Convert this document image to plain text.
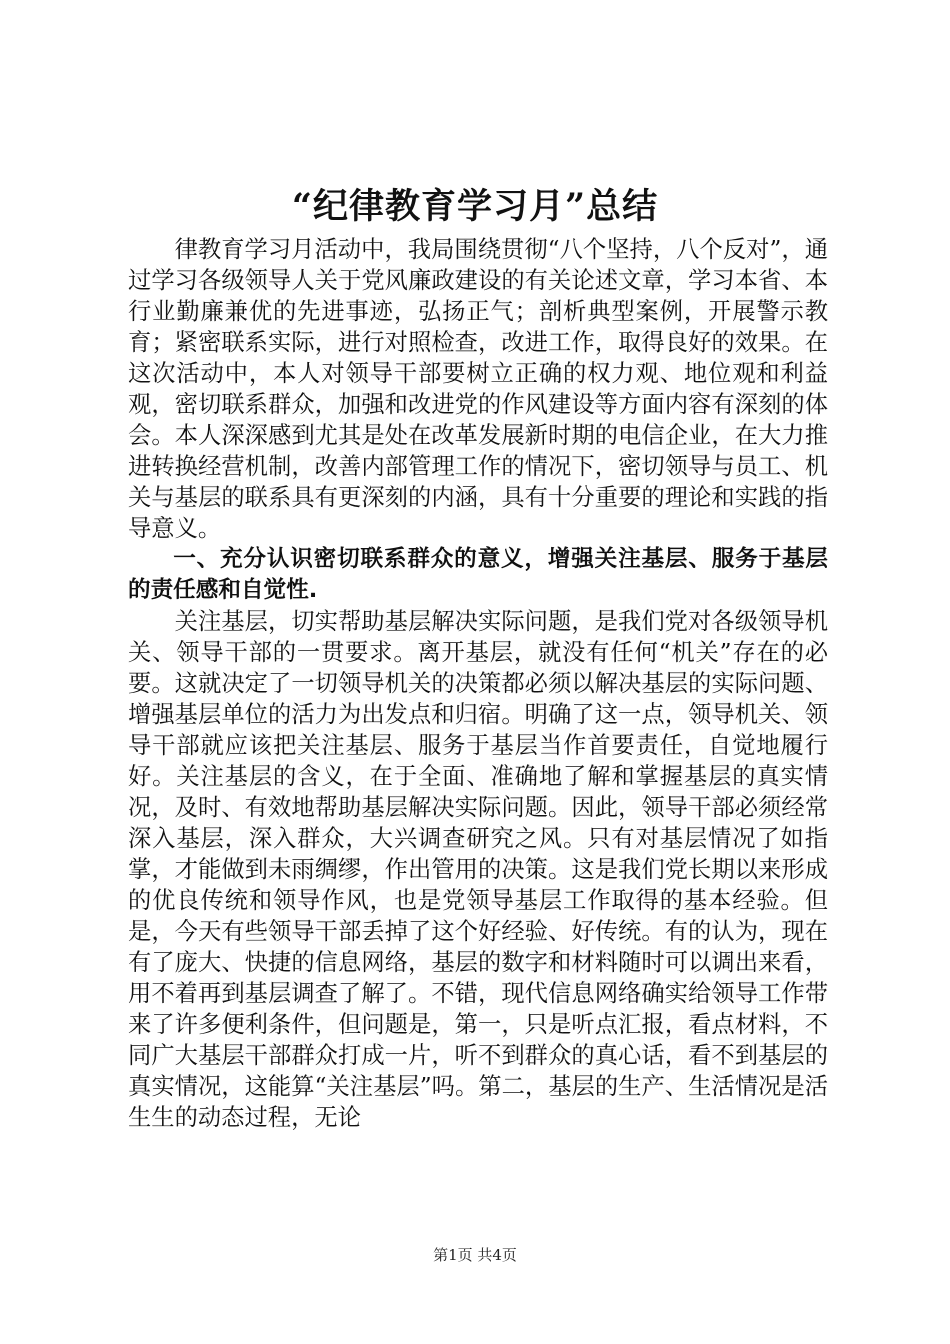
“纪律教育学习月”总结

律教育学习月活动中，我局围绕贯彻“八个坚持，八个反对”，通过学习各级领导人关于党风廉政建设的有关论述文章，学习本省、本行业勤廉兼优的先进事迹，弘扬正气；剖析典型案例，开展警示教育；紧密联系实际，进行对照检查，改进工作，取得良好的效果。在这次活动中，本人对领导干部要树立正确的权力观、地位观和利益观，密切联系群众，加强和改进党的作风建设等方面内容有深刻的体会。本人深深感到尤其是处在改革发展新时期的电信企业，在大力推进转换经营机制，改善内部管理工作的情况下，密切领导与员工、机关与基层的联系具有更深刻的内涵，具有十分重要的理论和实践的指导意义。

一、充分认识密切联系群众的意义，增强关注基层、服务于基层的责任感和自觉性.

关注基层，切实帮助基层解决实际问题，是我们党对各级领导机关、领导干部的一贯要求。离开基层，就没有任何“机关”存在的必要。这就决定了一切领导机关的决策都必须以解决基层的实际问题、增强基层单位的活力为出发点和归宿。明确了这一点，领导机关、领导干部就应该把关注基层、服务于基层当作首要责任，自觉地履行好。关注基层的含义，在于全面、准确地了解和掌握基层的真实情况，及时、有效地帮助基层解决实际问题。因此，领导干部必须经常深入基层，深入群众，大兴调查研究之风。只有对基层情况了如指掌，才能做到未雨绸缪，作出管用的决策。这是我们党长期以来形成的优良传统和领导作风，也是党领导基层工作取得的基本经验。但是，今天有些领导干部丢掉了这个好经验、好传统。有的认为，现在有了庞大、快捷的信息网络，基层的数字和材料随时可以调出来看，用不着再到基层调查了解了。不错，现代信息网络确实给领导工作带来了许多便利条件，但问题是，第一，只是听点汇报，看点材料，不同广大基层干部群众打成一片，听不到群众的真心话，看不到基层的真实情况，这能算“关注基层”吗。第二，基层的生产、生活情况是活生生的动态过程，无论

第1页 共4页
